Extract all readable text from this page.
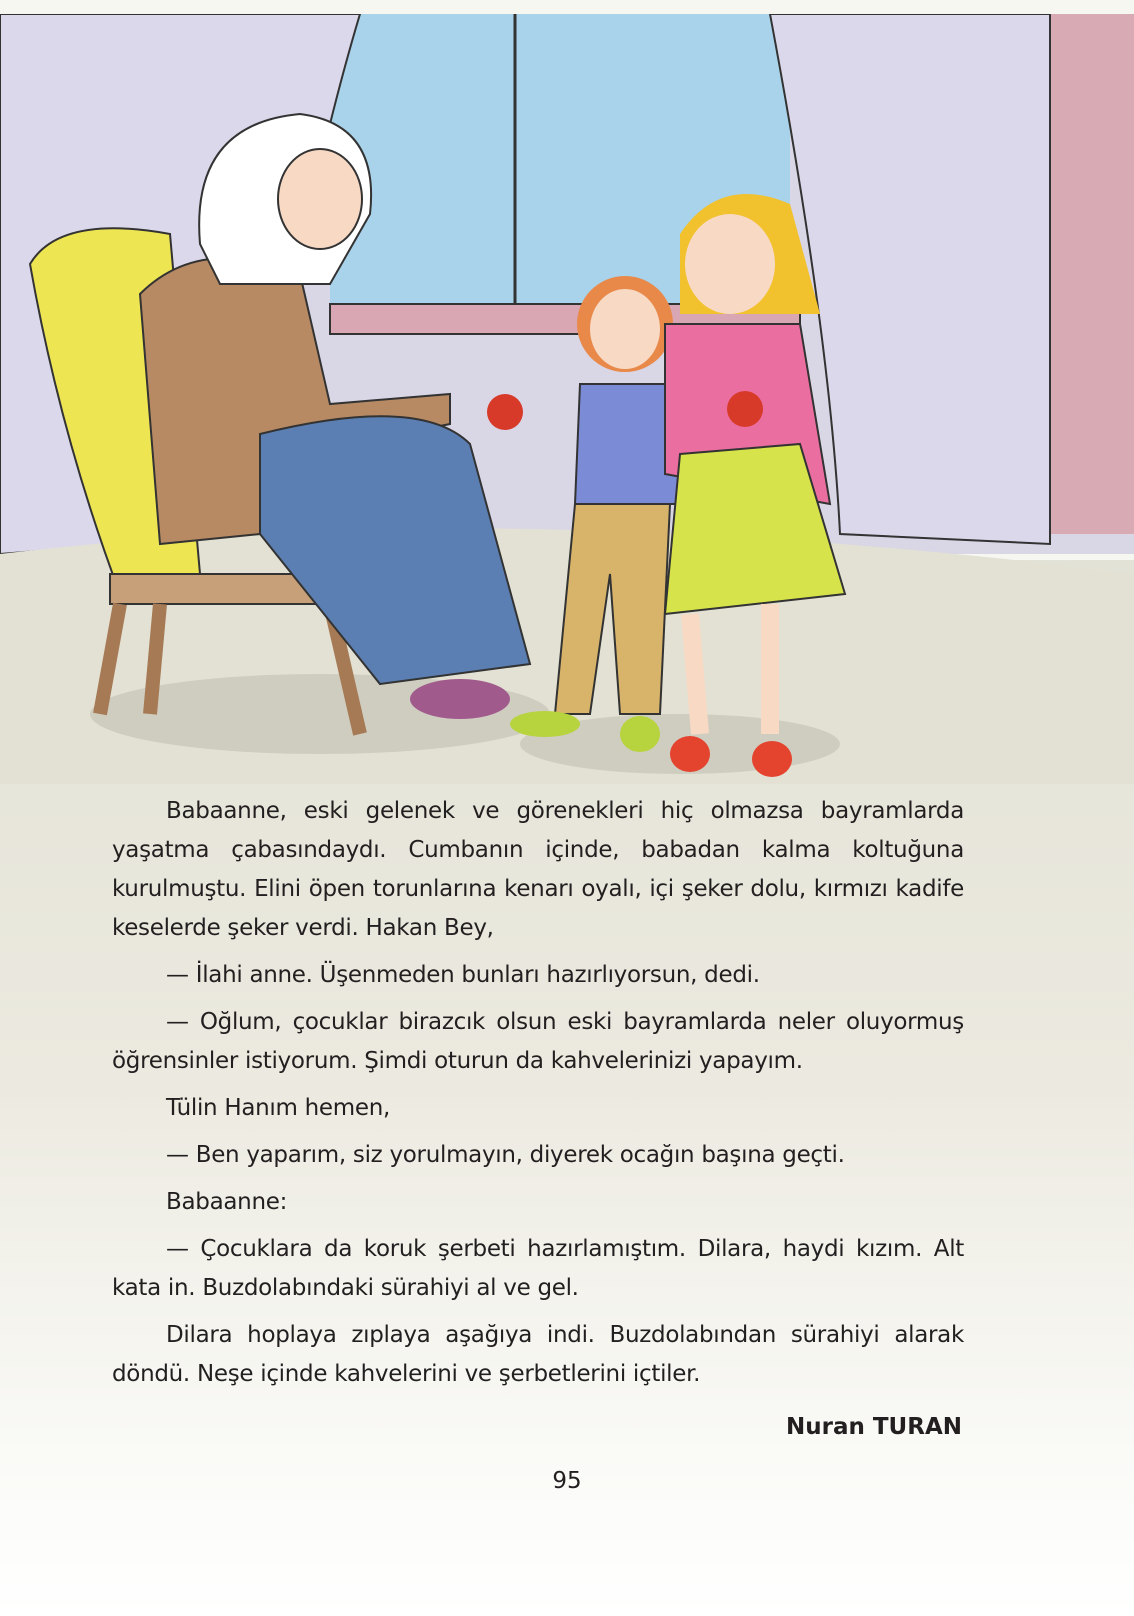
Babaanne, eski gelenek ve görenekleri hiç olmazsa bayramlarda
yaşatma çabasındaydı. Cumbanın içinde, babadan kalma koltuğuna
kurulmuştu. Elini öpen torunlarına kenarı oyalı, içi şeker dolu, kırmızı kadife
keselerde şeker verdi. Hakan Bey,
— İlahi anne. Üşenmeden bunları hazırlıyorsun, dedi.
— Oğlum, çocuklar birazcık olsun eski bayramlarda neler oluyormuş
öğrensinler istiyorum. Şimdi oturun da kahvelerinizi yapayım.
Tülin Hanım hemen,
— Ben yaparım, siz yorulmayın, diyerek ocağın başına geçti.
Babaanne:
— Çocuklara da koruk şerbeti hazırlamıştım. Dilara, haydi kızım. Alt
kata in. Buzdolabındaki sürahiyi al ve gel.
Dilara hoplaya zıplaya aşağıya indi. Buzdolabından sürahiyi alarak
döndü. Neşe içinde kahvelerini ve şerbetlerini içtiler.
Nuran TURAN
95
